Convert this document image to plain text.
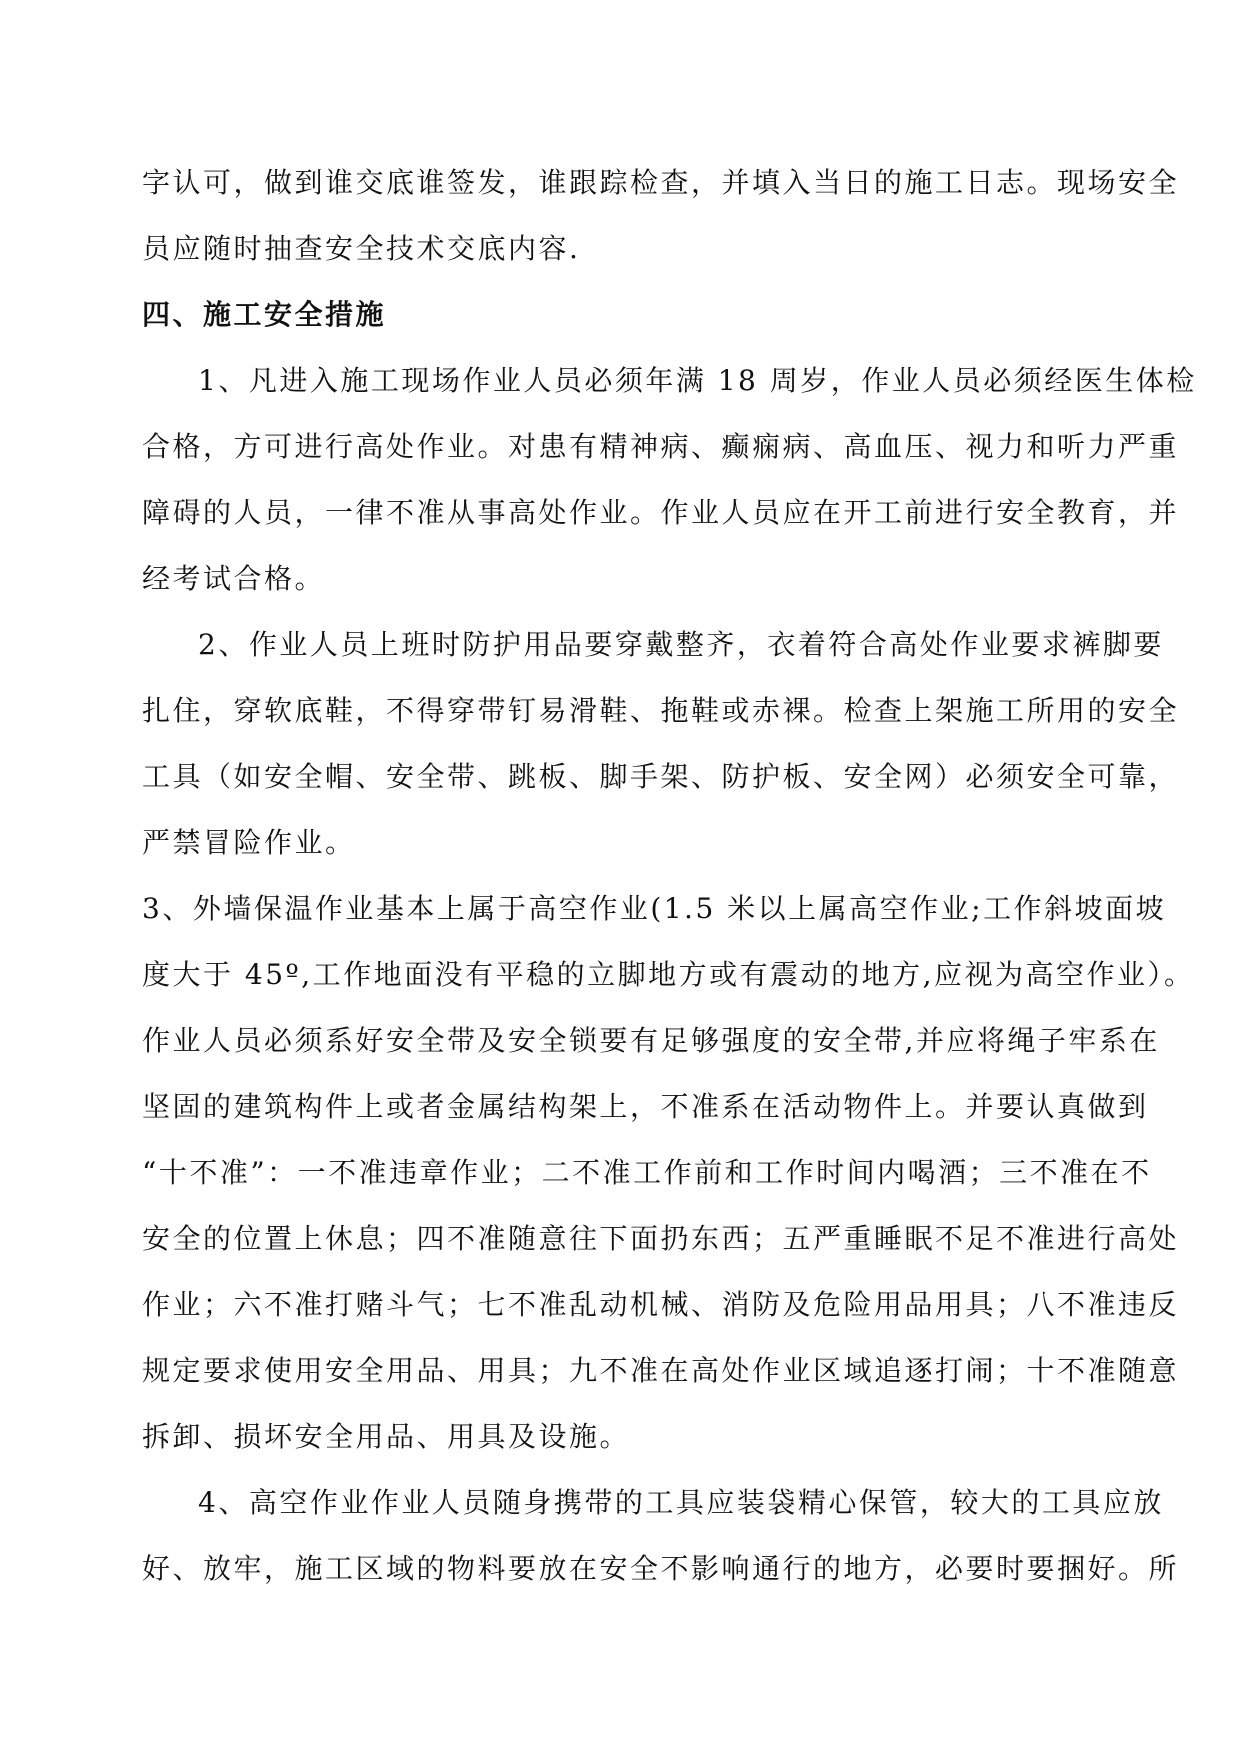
字认可，做到谁交底谁签发，谁跟踪检查，并填入当日的施工日志。现场安全
员应随时抽查安全技术交底内容.
四、施工安全措施
1、凡进入施工现场作业人员必须年满 18 周岁，作业人员必须经医生体检
合格，方可进行高处作业。对患有精神病、癫痫病、高血压、视力和听力严重
障碍的人员，一律不准从事高处作业。作业人员应在开工前进行安全教育，并
经考试合格。
2、作业人员上班时防护用品要穿戴整齐，衣着符合高处作业要求裤脚要
扎住，穿软底鞋，不得穿带钉易滑鞋、拖鞋或赤裸。检查上架施工所用的安全
工具（如安全帽、安全带、跳板、脚手架、防护板、安全网）必须安全可靠，
严禁冒险作业。
3、外墙保温作业基本上属于高空作业(1.5 米以上属高空作业;工作斜坡面坡
度大于 45º,工作地面没有平稳的立脚地方或有震动的地方,应视为高空作业）。
作业人员必须系好安全带及安全锁要有足够强度的安全带,并应将绳子牢系在
坚固的建筑构件上或者金属结构架上，不准系在活动物件上。并要认真做到
“十不准”：一不准违章作业；二不准工作前和工作时间内喝酒；三不准在不
安全的位置上休息；四不准随意往下面扔东西；五严重睡眠不足不准进行高处
作业；六不准打赌斗气；七不准乱动机械、消防及危险用品用具；八不准违反
规定要求使用安全用品、用具；九不准在高处作业区域追逐打闹；十不准随意
拆卸、损坏安全用品、用具及设施。
4、高空作业作业人员随身携带的工具应装袋精心保管，较大的工具应放
好、放牢，施工区域的物料要放在安全不影响通行的地方，必要时要捆好。所
